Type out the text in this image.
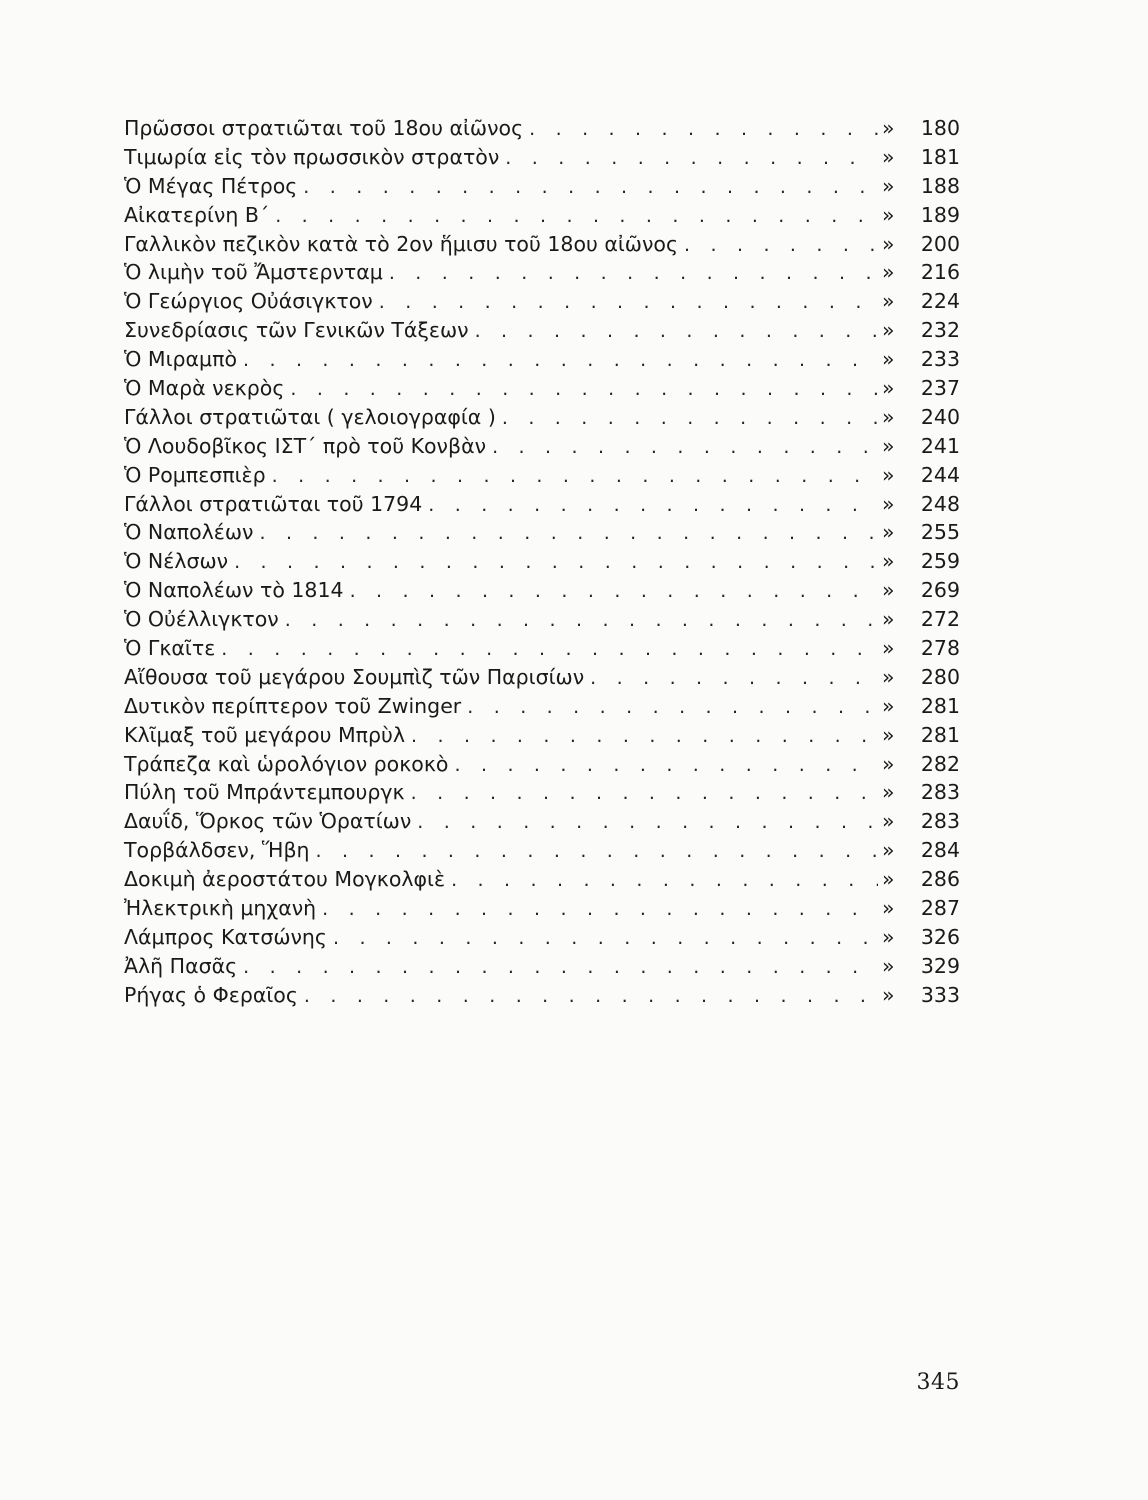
Πρῶσσοι στρατιῶται τοῦ 18ου αἰῶνος . . .	»	180
Τιμωρία εἰς τὸν πρωσσικὸν στρατὸν . . .	»	181
Ὁ Μέγας Πέτρος . . .	»	188
Αἰκατερίνη Β΄ . . .	»	189
Γαλλικὸν πεζικὸν κατὰ τὸ 2ον ἥμισυ τοῦ 18ου αἰῶνος . . .	»	200
Ὁ λιμὴν τοῦ Ἄμστερνταμ . . .	»	216
Ὁ Γεώργιος Οὐάσιγκτον . . .	»	224
Συνεδρίασις τῶν Γενικῶν Τάξεων . . .	»	232
Ὁ Μιραμπὸ . . .	»	233
Ὁ Μαρὰ νεκρὸς . . .	»	237
Γάλλοι στρατιῶται ( γελοιογραφία ) . . .	»	240
Ὁ Λουδοβῖκος ΙΣΤ΄ πρὸ τοῦ Κονβὰν . . .	»	241
Ὁ Ρομπεσπιὲρ . . .	»	244
Γάλλοι στρατιῶται τοῦ 1794 . . .	»	248
Ὁ Ναπολέων . . .	»	255
Ὁ Νέλσων . . .	»	259
Ὁ Ναπολέων τὸ 1814 . . .	»	269
Ὁ Οὐέλλιγκτον . . .	»	272
Ὁ Γκαῖτε . . .	»	278
Αἴθουσα τοῦ μεγάρου Σουμπὶζ τῶν Παρισίων . . .	»	280
Δυτικὸν περίπτερον τοῦ Zwinger . . .	»	281
Κλῖμαξ τοῦ μεγάρου Μπρὺλ . . .	»	281
Τράπεζα καὶ ὡρολόγιον ροκοκὸ . . .	»	282
Πύλη τοῦ Μπράντεμπουργκ . . .	»	283
Δαυΐδ, Ὅρκος τῶν Ὁρατίων . . .	»	283
Τορβάλδσεν, Ἥβη . . .	»	284
Δοκιμὴ ἀεροστάτου Μογκολφιὲ . . .	»	286
Ἠλεκτρικὴ μηχανὴ . . .	»	287
Λάμπρος Κατσώνης . . .	»	326
Ἀλῆ Πασᾶς . . .	»	329
Ρήγας ὁ Φεραῖος . . .	»	333
345
